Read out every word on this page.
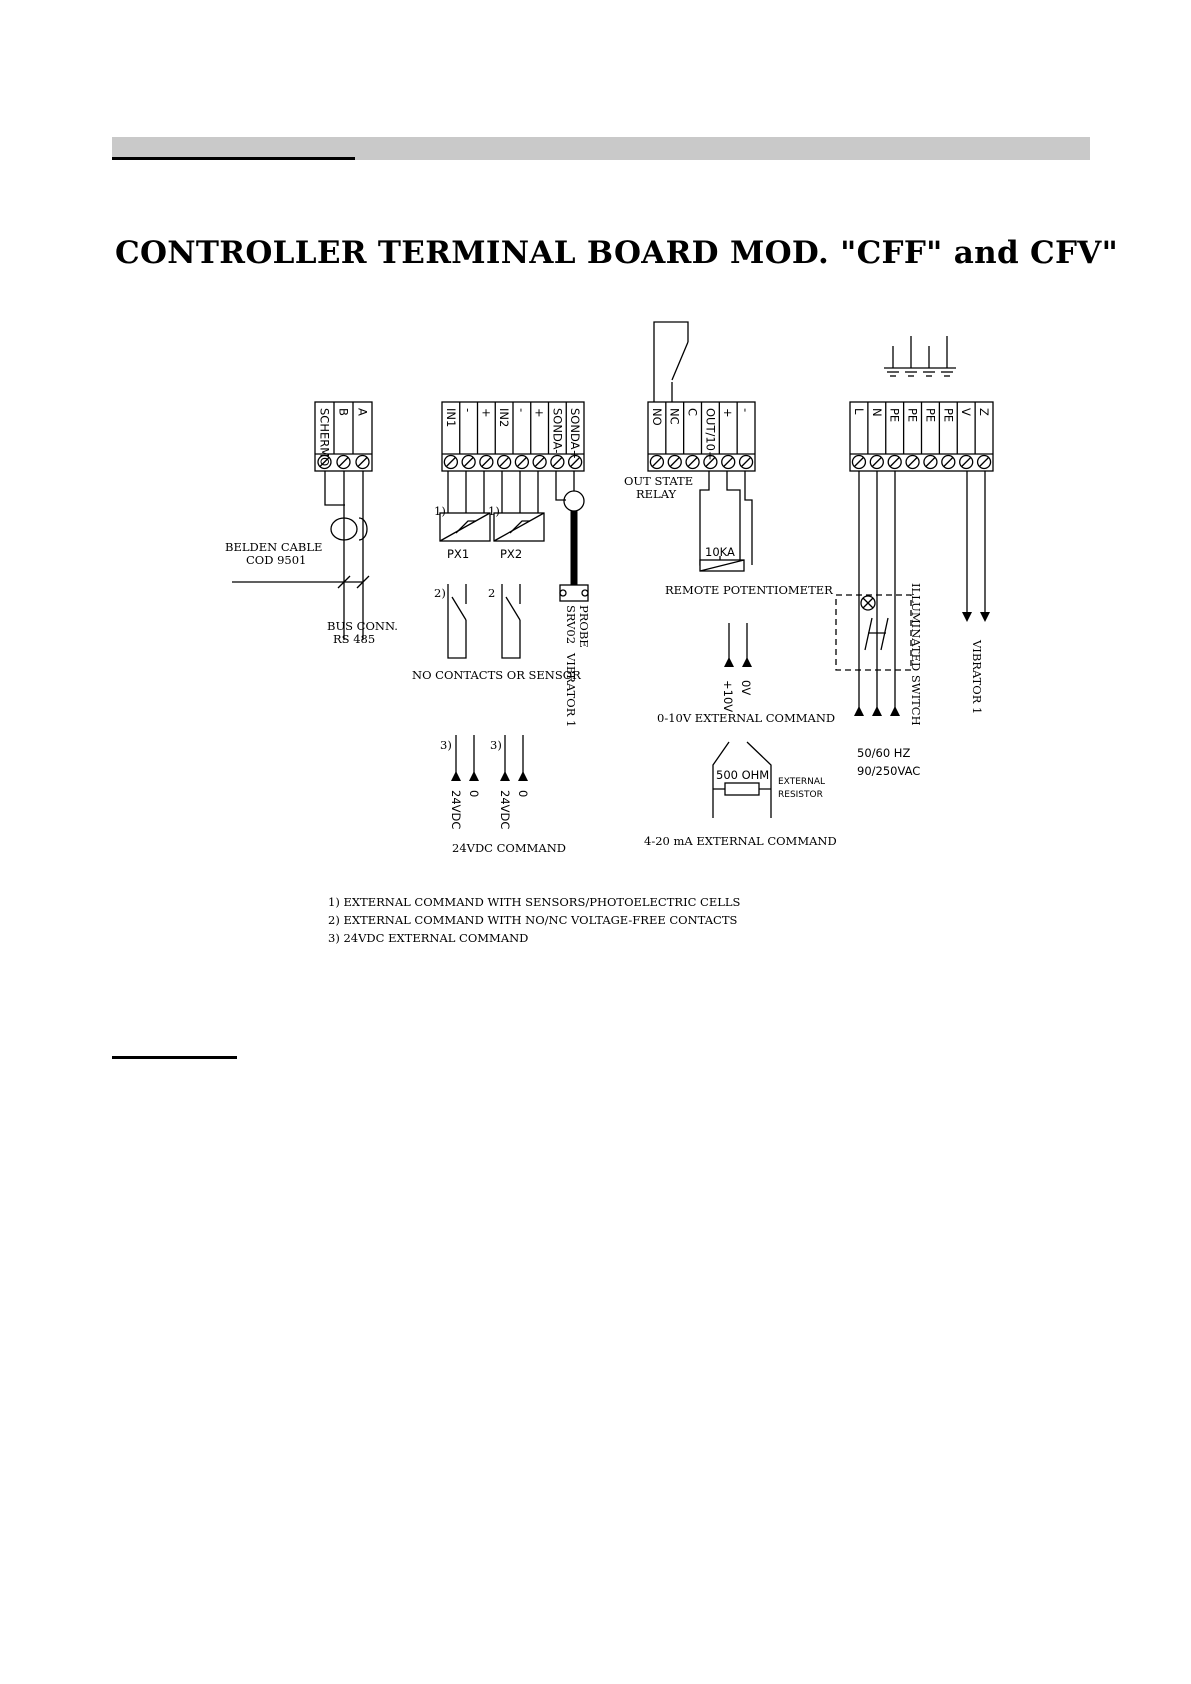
CONTROLLER TERMINAL BOARD MOD. "CFF" and CFV"
SCHERMO B A
BELDEN CABLE
COD 9501
BUS CONN.
RS 485
IN1 - + IN2 - + SONDA- SONDA+
PX1
1)
PX2
1)
PROBE
SRV02
VIBRATOR 1
2)	2
NO CONTACTS OR SENSOR
3)	3)
24VDC 0 24VDC 0
24VDC COMMAND
NO NC C OUT/10+ + -
OUT STATE
RELAY
10KA
REMOTE POTENTIOMETER
+10V 0V
0-10V EXTERNAL COMMAND
500 OHM EXTERNAL
RESISTOR
4-20 mA EXTERNAL COMMAND
L N PE PE PE PE V Z
ILLUMINATED SWITCH	VIBRATOR 1
50/60 HZ
90/250VAC
1) EXTERNAL COMMAND WITH SENSORS/PHOTOELECTRIC CELLS
2) EXTERNAL COMMAND WITH NO/NC VOLTAGE-FREE CONTACTS
3) 24VDC EXTERNAL COMMAND
